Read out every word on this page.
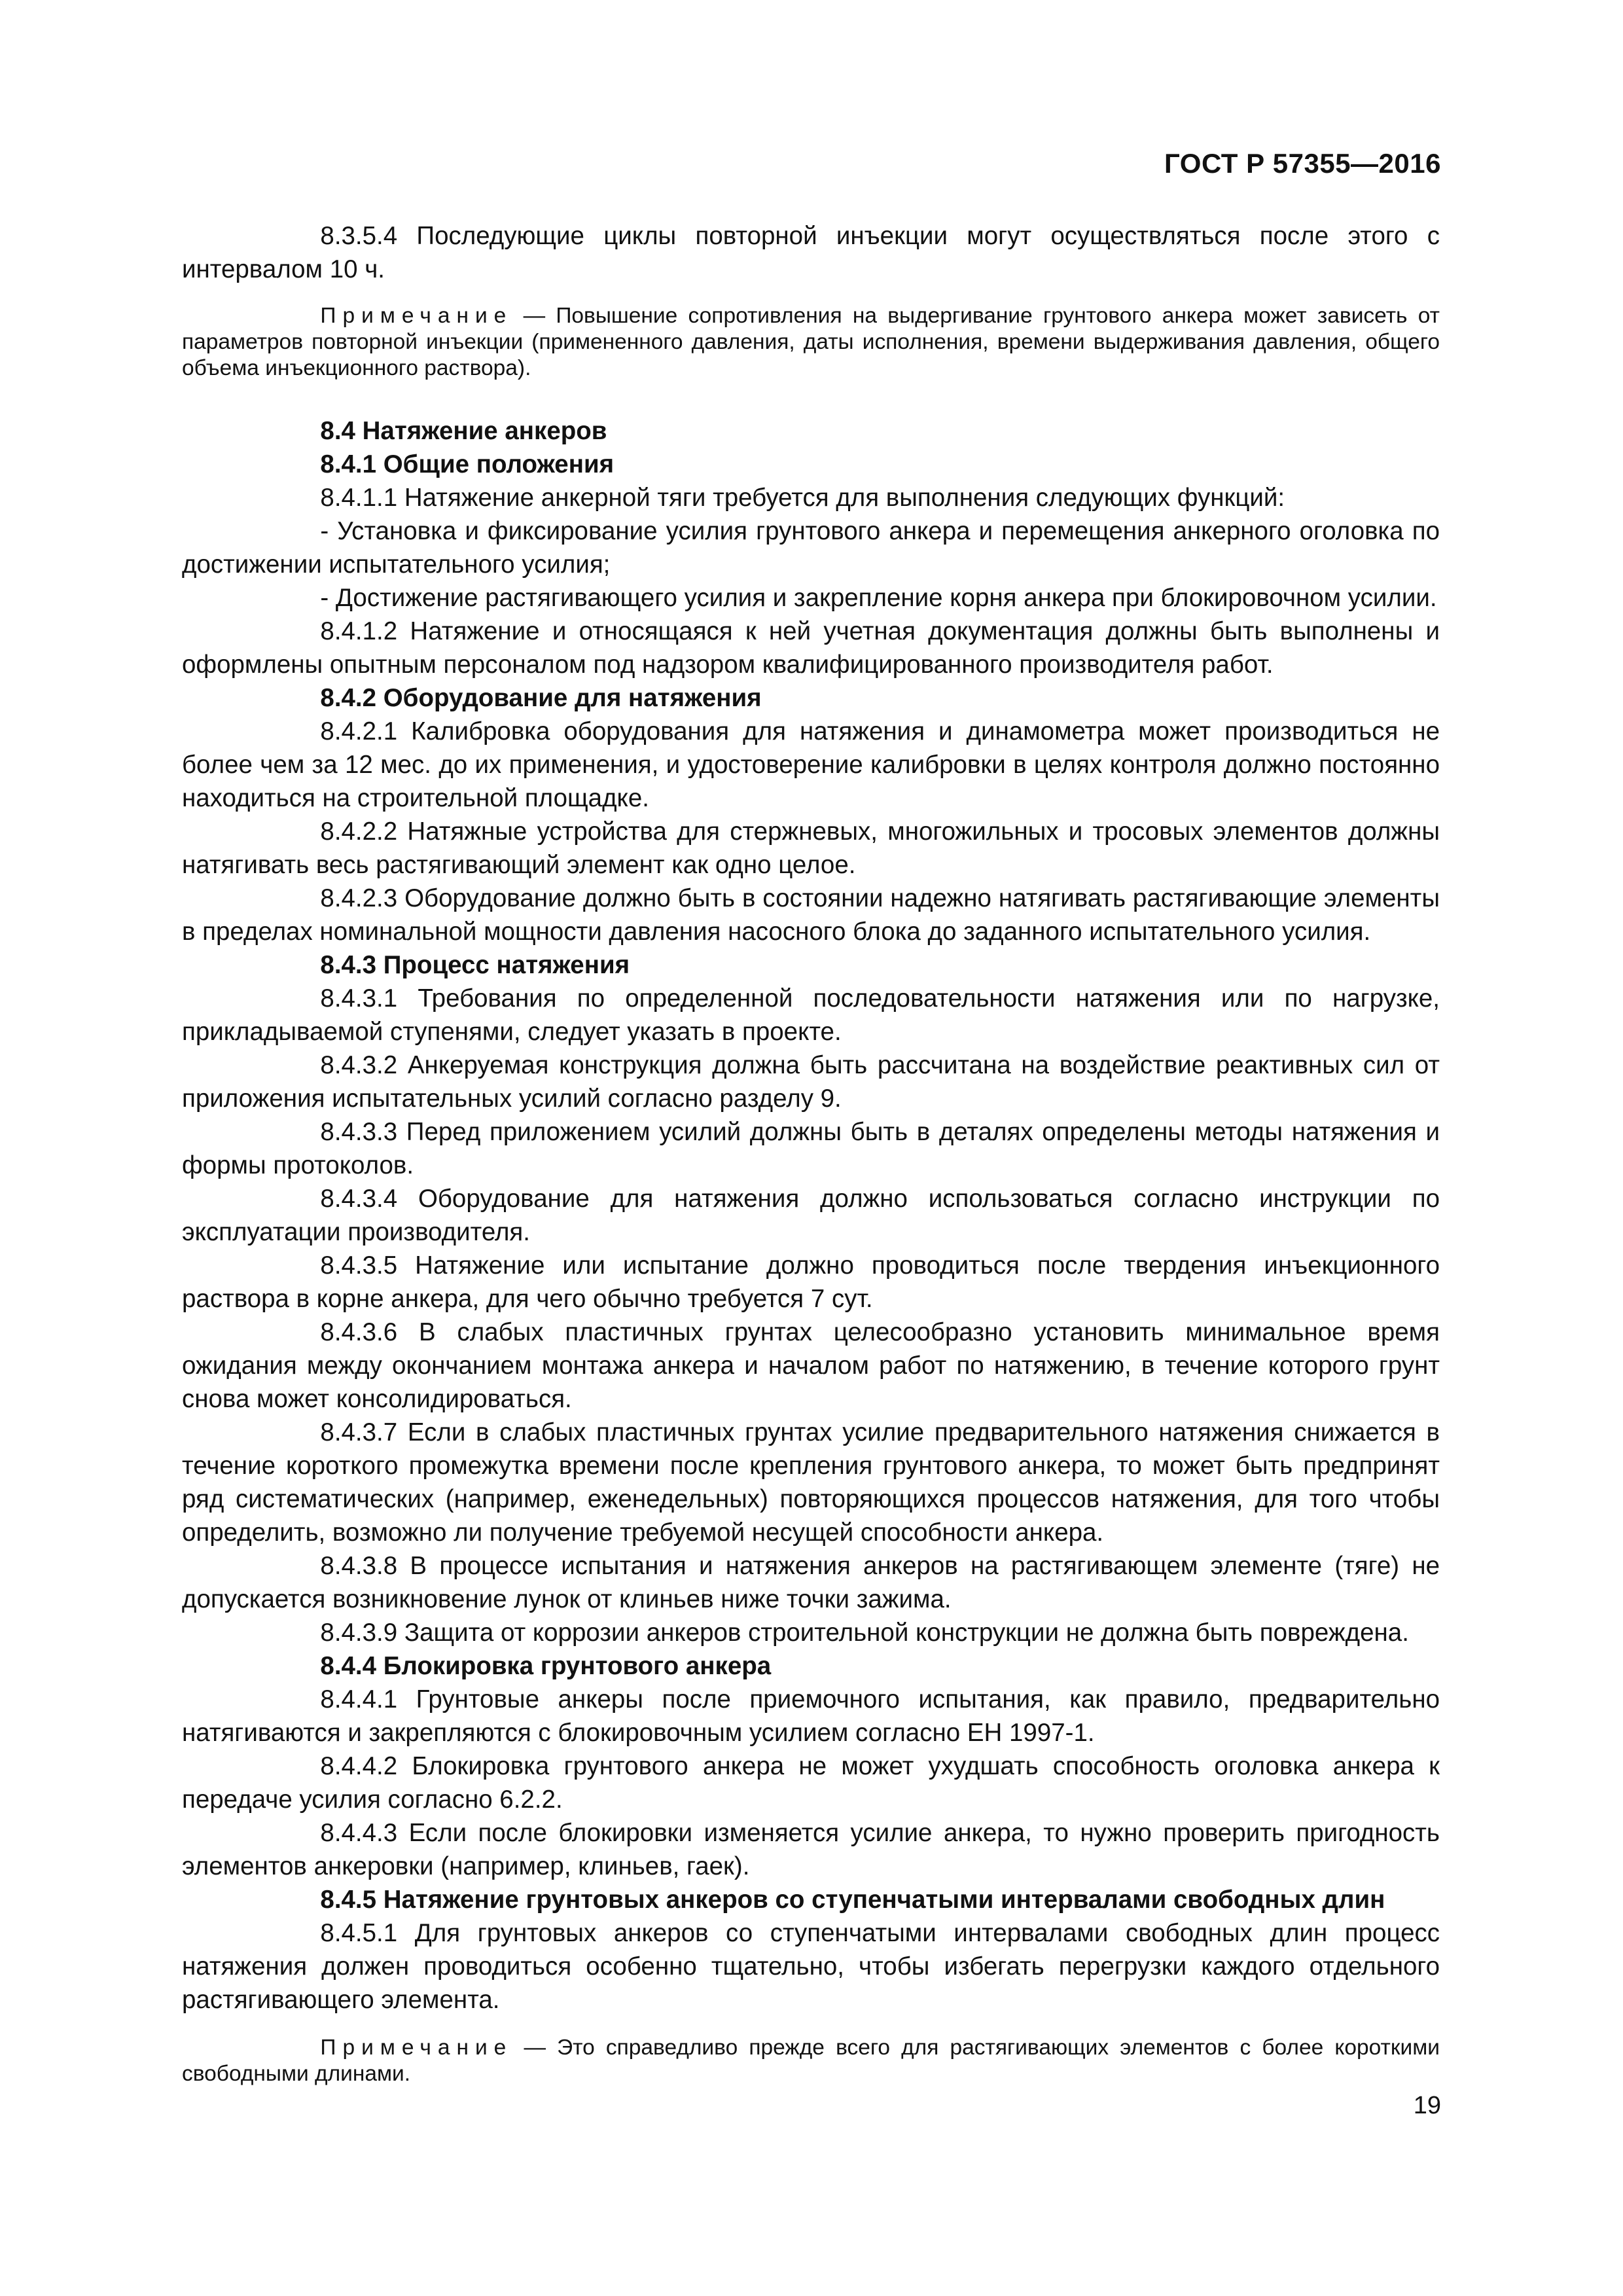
ГОСТ Р 57355—2016

8.3.5.4 Последующие циклы повторной инъекции могут осуществляться после этого с интервалом 10 ч.

Примечание — Повышение сопротивления на выдергивание грунтового анкера может зависеть от параметров повторной инъекции (примененного давления, даты исполнения, времени выдерживания давления, общего объема инъекционного раствора).

8.4 Натяжение анкеров

8.4.1 Общие положения

8.4.1.1 Натяжение анкерной тяги требуется для выполнения следующих функций:

- Установка и фиксирование усилия грунтового анкера и перемещения анкерного оголовка по достижении испытательного усилия;

- Достижение растягивающего усилия и закрепление корня анкера при блокировочном усилии.

8.4.1.2 Натяжение и относящаяся к ней учетная документация должны быть выполнены и оформлены опытным персоналом под надзором квалифицированного производителя работ.

8.4.2 Оборудование для натяжения

8.4.2.1 Калибровка оборудования для натяжения и динамометра может производиться не более чем за 12 мес. до их применения, и удостоверение калибровки в целях контроля должно постоянно находиться на строительной площадке.

8.4.2.2 Натяжные устройства для стержневых, многожильных и тросовых элементов должны натягивать весь растягивающий элемент как одно целое.

8.4.2.3 Оборудование должно быть в состоянии надежно натягивать растягивающие элементы в пределах номинальной мощности давления насосного блока до заданного испытательного усилия.

8.4.3 Процесс натяжения

8.4.3.1 Требования по определенной последовательности натяжения или по нагрузке, прикладываемой ступенями, следует указать в проекте.

8.4.3.2 Анкеруемая конструкция должна быть рассчитана на воздействие реактивных сил от приложения испытательных усилий согласно разделу 9.

8.4.3.3 Перед приложением усилий должны быть в деталях определены методы натяжения и формы протоколов.

8.4.3.4 Оборудование для натяжения должно использоваться согласно инструкции по эксплуатации производителя.

8.4.3.5 Натяжение или испытание должно проводиться после твердения инъекционного раствора в корне анкера, для чего обычно требуется 7 сут.

8.4.3.6 В слабых пластичных грунтах целесообразно установить минимальное время ожидания между окончанием монтажа анкера и началом работ по натяжению, в течение которого грунт снова может консолидироваться.

8.4.3.7 Если в слабых пластичных грунтах усилие предварительного натяжения снижается в течение короткого промежутка времени после крепления грунтового анкера, то может быть предпринят ряд систематических (например, еженедельных) повторяющихся процессов натяжения, для того чтобы определить, возможно ли получение требуемой несущей способности анкера.

8.4.3.8 В процессе испытания и натяжения анкеров на растягивающем элементе (тяге) не допускается возникновение лунок от клиньев ниже точки зажима.

8.4.3.9 Защита от коррозии анкеров строительной конструкции не должна быть повреждена.

8.4.4 Блокировка грунтового анкера

8.4.4.1 Грунтовые анкеры после приемочного испытания, как правило, предварительно натягиваются и закрепляются с блокировочным усилием согласно ЕН 1997-1.

8.4.4.2 Блокировка грунтового анкера не может ухудшать способность оголовка анкера к передаче усилия согласно 6.2.2.

8.4.4.3 Если после блокировки изменяется усилие анкера, то нужно проверить пригодность элементов анкеровки (например, клиньев, гаек).

8.4.5 Натяжение грунтовых анкеров со ступенчатыми интервалами свободных длин

8.4.5.1 Для грунтовых анкеров со ступенчатыми интервалами свободных длин процесс натяжения должен проводиться особенно тщательно, чтобы избегать перегрузки каждого отдельного растягивающего элемента.

Примечание — Это справедливо прежде всего для растягивающих элементов с более короткими свободными длинами.

19
